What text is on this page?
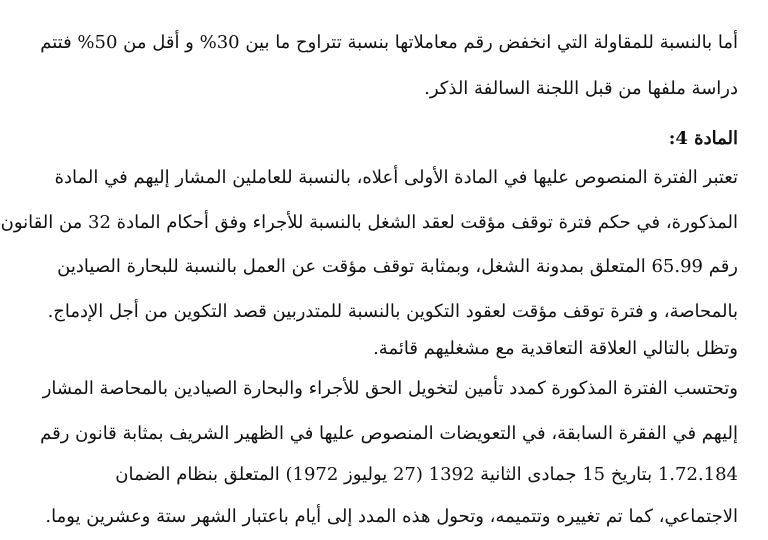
أما بالنسبة للمقاولة التي انخفض رقم معاملاتها بنسبة تتراوح ما بين 30% و أقل من 50% فتتم
دراسة ملفها من قبل اللجنة السالفة الذكر.
المادة 4:
تعتبر الفترة المنصوص عليها في المادة الأولى أعلاه، بالنسبة للعاملين المشار إليهم في المادة
المذكورة، في حكم فترة توقف مؤقت لعقد الشغل بالنسبة للأجراء وفق أحكام المادة 32 من القانون
رقم 65.99 المتعلق بمدونة الشغل، وبمثابة توقف مؤقت عن العمل بالنسبة للبحارة الصيادين
بالمحاصة، و فترة توقف مؤقت لعقود التكوين بالنسبة للمتدربين قصد التكوين من أجل الإدماج.
وتظل بالتالي العلاقة التعاقدية مع مشغليهم قائمة.
وتحتسب الفترة المذكورة كمدد تأمين لتخويل الحق للأجراء والبحارة الصيادين بالمحاصة المشار
إليهم في الفقرة السابقة، في التعويضات المنصوص عليها في الظهير الشريف بمثابة قانون رقم
1.72.184 بتاريخ 15 جمادى الثانية 1392 (27 يوليوز 1972) المتعلق بنظام الضمان
الاجتماعي، كما تم تغييره وتتميمه، وتحول هذه المدد إلى أيام باعتبار الشهر ستة وعشرين يوما.
